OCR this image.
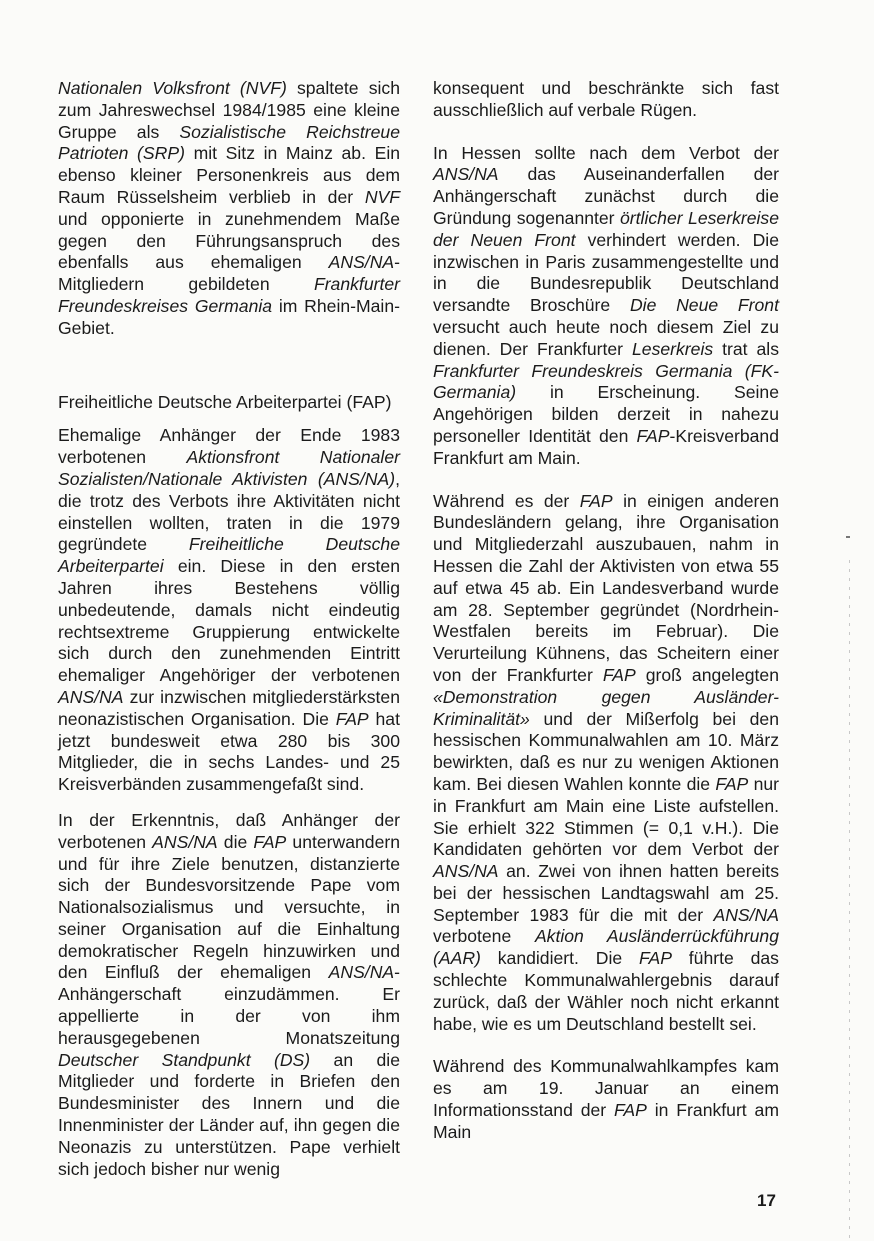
Nationalen Volksfront (NVF) spaltete sich zum Jahreswechsel 1984/1985 eine kleine Gruppe als Sozialistische Reichstreue Patrioten (SRP) mit Sitz in Mainz ab. Ein ebenso kleiner Personenkreis aus dem Raum Rüsselsheim verblieb in der NVF und opponierte in zunehmendem Maße gegen den Führungsanspruch des ebenfalls aus ehemaligen ANS/NA-Mitgliedern gebildeten Frankfurter Freundeskreises Germania im Rhein-Main-Gebiet.

Freiheitliche Deutsche Arbeiterpartei (FAP)

Ehemalige Anhänger der Ende 1983 verbotenen Aktionsfront Nationaler Sozialisten/Nationale Aktivisten (ANS/NA), die trotz des Verbots ihre Aktivitäten nicht einstellen wollten, traten in die 1979 gegründete Freiheitliche Deutsche Arbeiterpartei ein. Diese in den ersten Jahren ihres Bestehens völlig unbedeutende, damals nicht eindeutig rechtsextreme Gruppierung entwickelte sich durch den zunehmenden Eintritt ehemaliger Angehöriger der verbotenen ANS/NA zur inzwischen mitgliederstärksten neonazistischen Organisation. Die FAP hat jetzt bundesweit etwa 280 bis 300 Mitglieder, die in sechs Landes- und 25 Kreisverbänden zusammengefaßt sind.

In der Erkenntnis, daß Anhänger der verbotenen ANS/NA die FAP unterwandern und für ihre Ziele benutzen, distanzierte sich der Bundesvorsitzende Pape vom Nationalsozialismus und versuchte, in seiner Organisation auf die Einhaltung demokratischer Regeln hinzuwirken und den Einfluß der ehemaligen ANS/NA-Anhängerschaft einzudämmen. Er appellierte in der von ihm herausgegebenen Monatszeitung Deutscher Standpunkt (DS) an die Mitglieder und forderte in Briefen den Bundesminister des Innern und die Innenminister der Länder auf, ihn gegen die Neonazis zu unterstützen. Pape verhielt sich jedoch bisher nur wenig

konsequent und beschränkte sich fast ausschließlich auf verbale Rügen.

In Hessen sollte nach dem Verbot der ANS/NA das Auseinanderfallen der Anhängerschaft zunächst durch die Gründung sogenannter örtlicher Leserkreise der Neuen Front verhindert werden. Die inzwischen in Paris zusammengestellte und in die Bundesrepublik Deutschland versandte Broschüre Die Neue Front versucht auch heute noch diesem Ziel zu dienen. Der Frankfurter Leserkreis trat als Frankfurter Freundeskreis Germania (FK-Germania) in Erscheinung. Seine Angehörigen bilden derzeit in nahezu personeller Identität den FAP-Kreisverband Frankfurt am Main.

Während es der FAP in einigen anderen Bundesländern gelang, ihre Organisation und Mitgliederzahl auszubauen, nahm in Hessen die Zahl der Aktivisten von etwa 55 auf etwa 45 ab. Ein Landesverband wurde am 28. September gegründet (Nordrhein-Westfalen bereits im Februar). Die Verurteilung Kühnens, das Scheitern einer von der Frankfurter FAP groß angelegten «Demonstration gegen Ausländer-Kriminalität» und der Mißerfolg bei den hessischen Kommunalwahlen am 10. März bewirkten, daß es nur zu wenigen Aktionen kam. Bei diesen Wahlen konnte die FAP nur in Frankfurt am Main eine Liste aufstellen. Sie erhielt 322 Stimmen (= 0,1 v.H.). Die Kandidaten gehörten vor dem Verbot der ANS/NA an. Zwei von ihnen hatten bereits bei der hessischen Landtagswahl am 25. September 1983 für die mit der ANS/NA verbotene Aktion Ausländerrückführung (AAR) kandidiert. Die FAP führte das schlechte Kommunalwahlergebnis darauf zurück, daß der Wähler noch nicht erkannt habe, wie es um Deutschland bestellt sei.

Während des Kommunalwahlkampfes kam es am 19. Januar an einem Informationsstand der FAP in Frankfurt am Main

17
